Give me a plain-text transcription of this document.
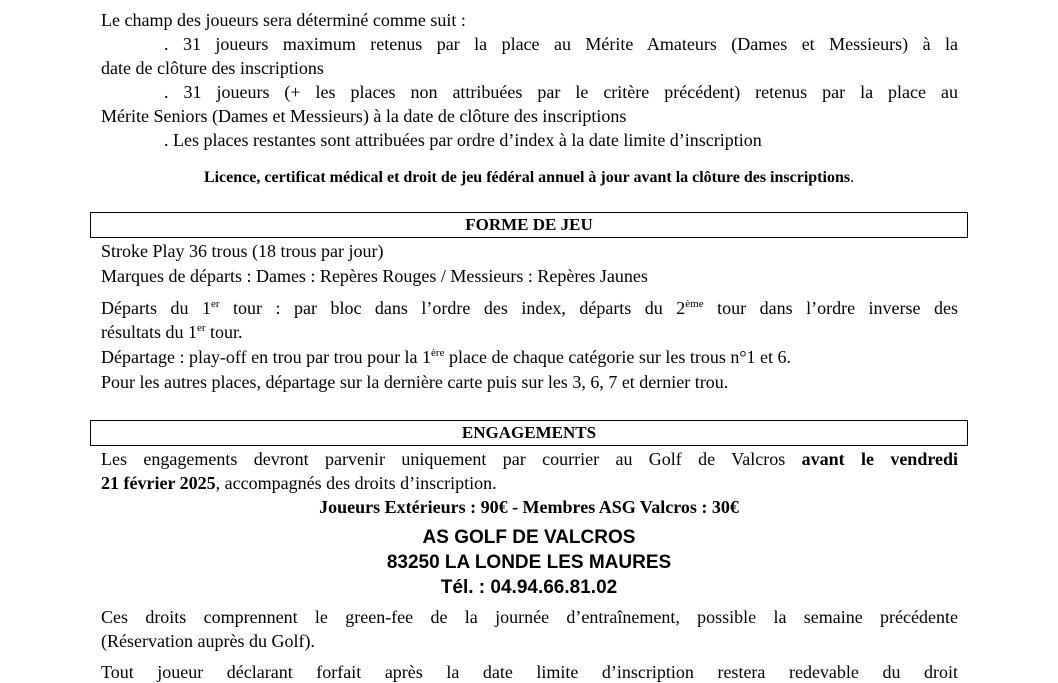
Le champ des joueurs sera déterminé comme suit :
. 31 joueurs maximum retenus par la place au Mérite Amateurs (Dames et Messieurs) à la
date de clôture des inscriptions
. 31 joueurs (+ les places non attribuées par le critère précédent) retenus par la place au
Mérite Seniors (Dames et Messieurs) à la date de clôture des inscriptions
. Les places restantes sont attribuées par ordre d’index à la date limite d’inscription
Licence, certificat médical et droit de jeu fédéral annuel à jour avant la clôture des inscriptions.
FORME DE JEU
Stroke Play 36 trous (18 trous par jour)
Marques de départs : Dames : Repères Rouges / Messieurs : Repères Jaunes
Départs du 1er tour : par bloc dans l’ordre des index, départs du 2ème tour dans l’ordre inverse des
résultats du 1er tour.
Départage : play-off en trou par trou pour la 1ère place de chaque catégorie sur les trous n°1 et 6.
Pour les autres places, départage sur la dernière carte puis sur les 3, 6, 7 et dernier trou.
ENGAGEMENTS
Les engagements devront parvenir uniquement par courrier au Golf de Valcros avant le vendredi
21 février 2025, accompagnés des droits d’inscription.
Joueurs Extérieurs : 90€ - Membres ASG Valcros : 30€
AS GOLF DE VALCROS
83250 LA LONDE LES MAURES
Tél. : 04.94.66.81.02
Ces droits comprennent le green-fee de la journée d’entraînement, possible la semaine précédente
(Réservation auprès du Golf).
Tout joueur déclarant forfait après la date limite d’inscription restera redevable du droit
